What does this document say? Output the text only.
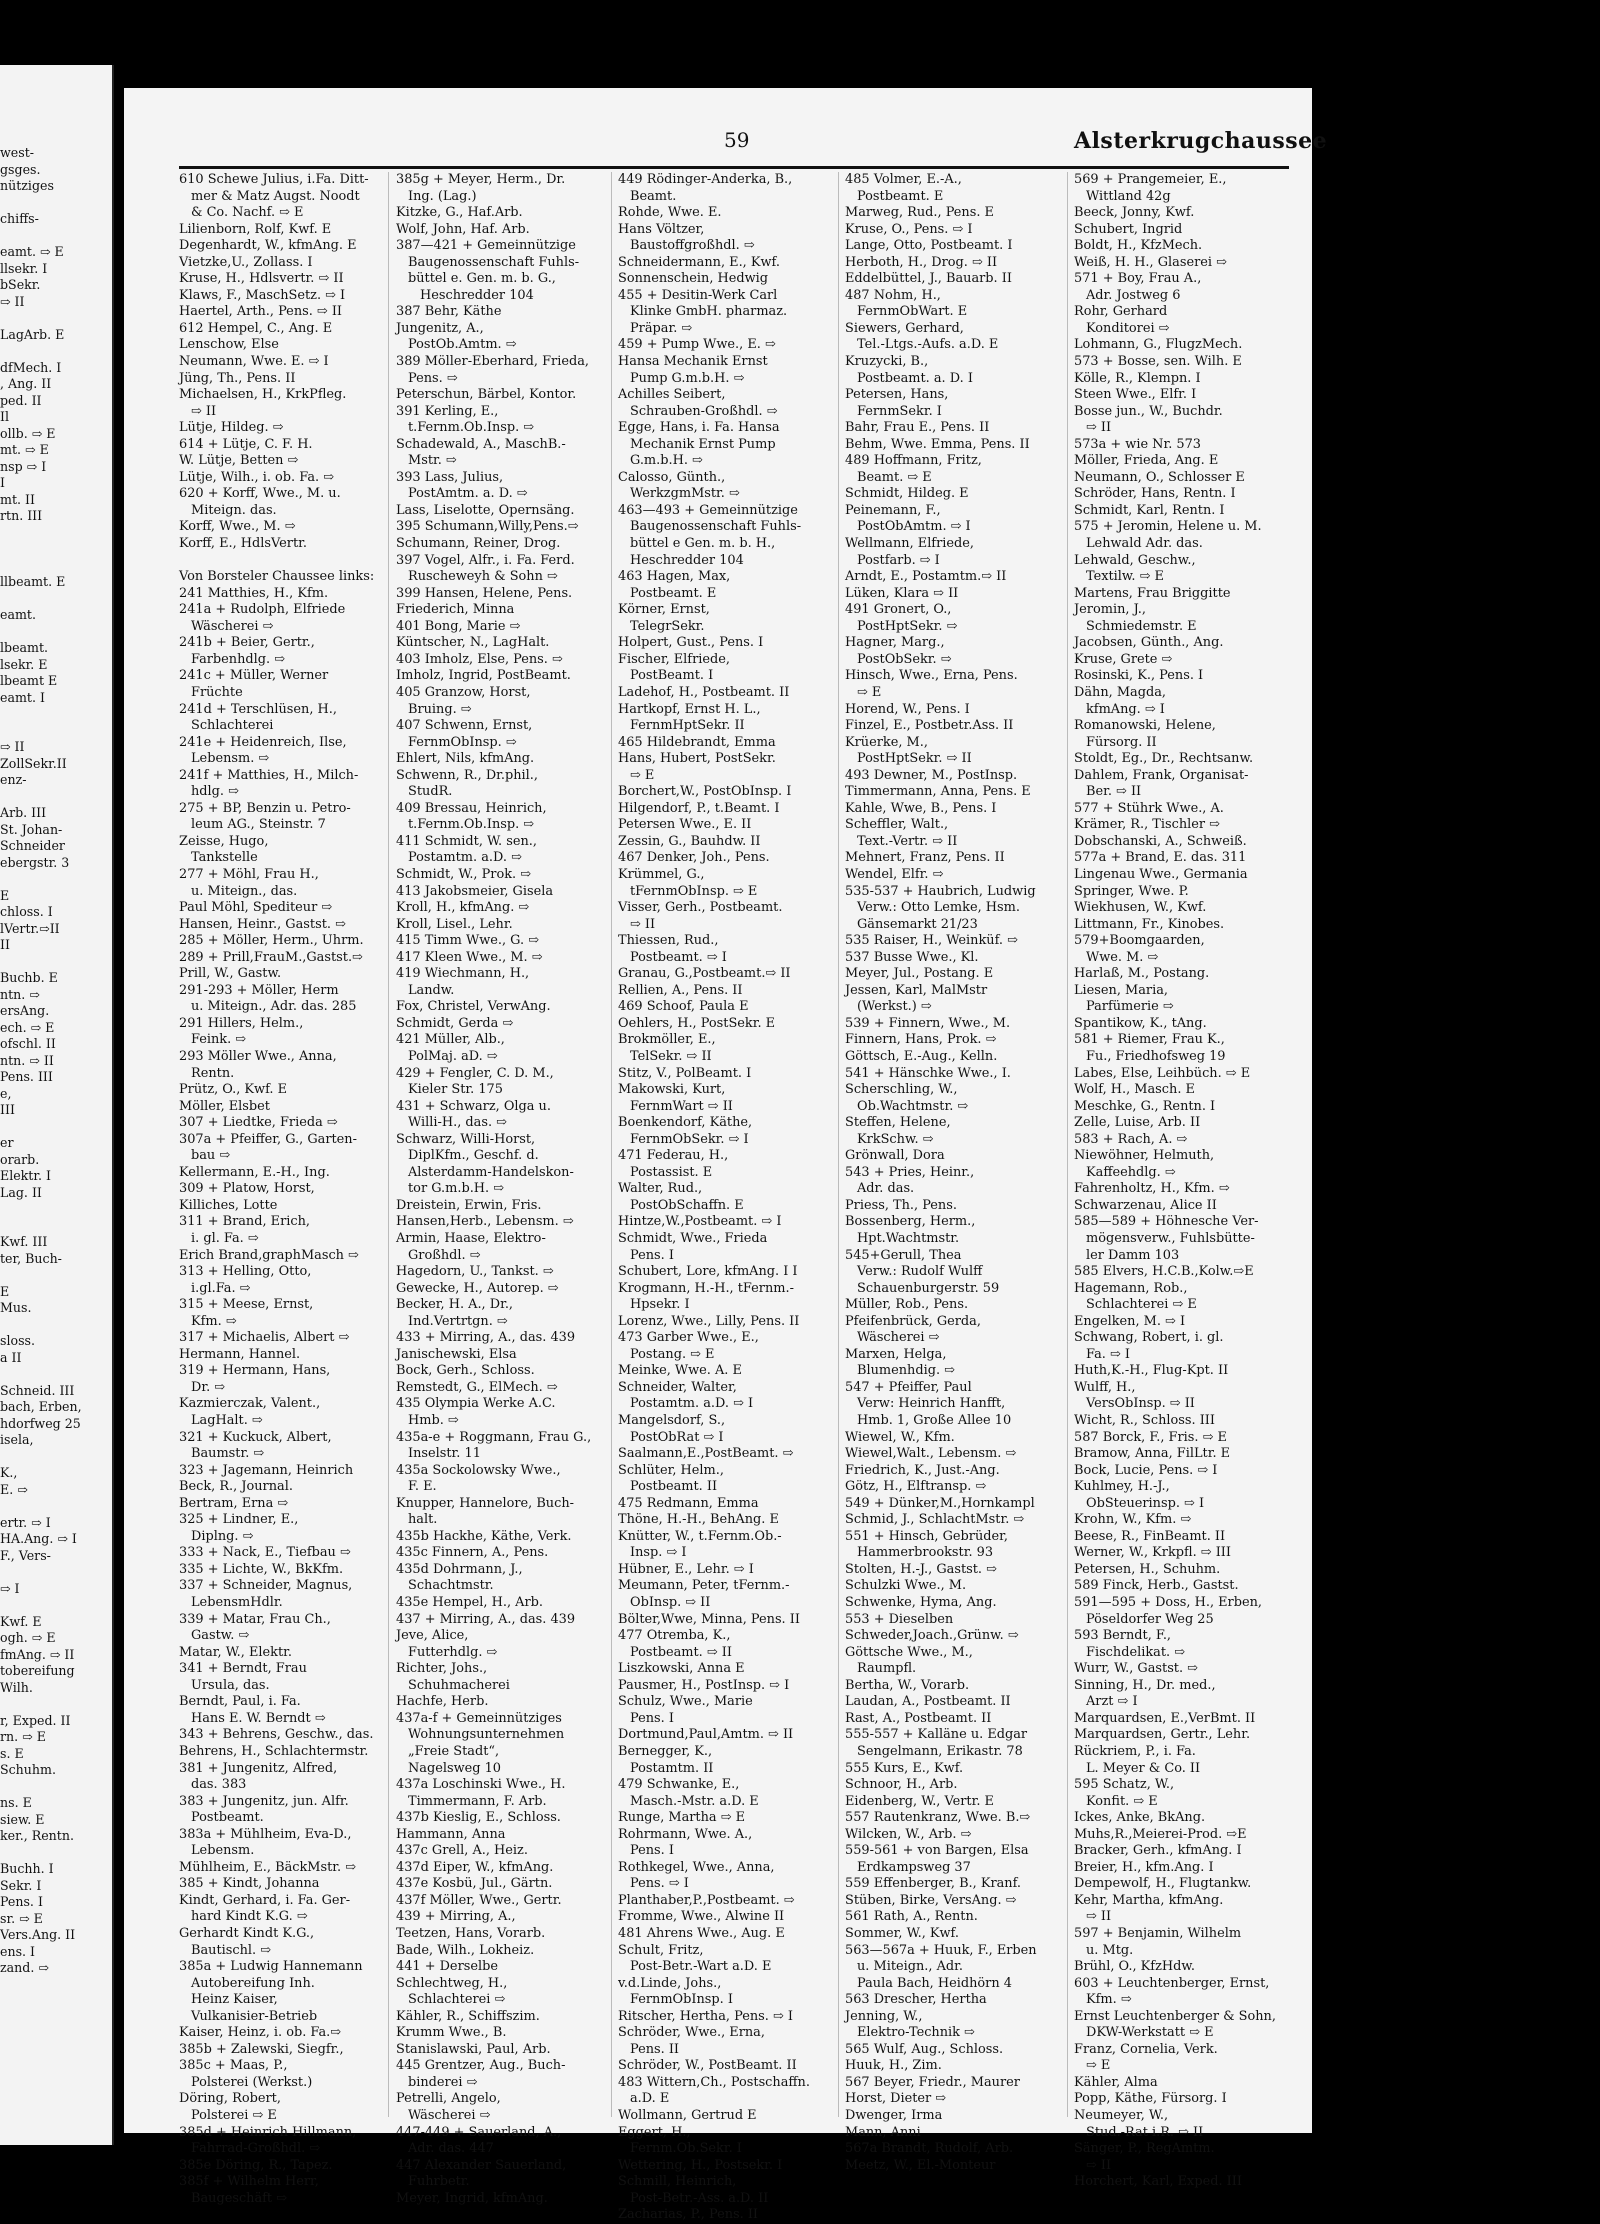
west-
gsges.
nütziges

chiffs-

eamt. ⇨ E
llsekr. I
bSekr.
⇨ II

LagArb. E

dfMech. I
, Ang. II
ped. II
Il
ollb. ⇨ E
mt. ⇨ E
nsp ⇨ I
I
mt. II
rtn. III

llbeamt. E

eamt.

lbeamt.
lsekr. E
lbeamt E
eamt. I

⇨ II
ZollSekr.II
enz-

Arb. III
St. Johan-
Schneider
ebergstr. 3

E
chloss. I
lVertr.⇨II
II

Buchb. E
ntn. ⇨
ersAng.
ech. ⇨ E
ofschl. II
ntn. ⇨ II
Pens. III
e,
III

er
orarb.
Elektr. I
Lag. II

Kwf. III
ter, Buch-

E
Mus.

sloss.
a II

Schneid. III
bach, Erben,
hdorfweg 25
isela,

K.,
E. ⇨

ertr. ⇨ I
HA.Ang. ⇨ I
F., Vers-

⇨ I

Kwf. E
ogh. ⇨ E
fmAng. ⇨ II
tobereifung
Wilh.

r, Exped. II
rn. ⇨ E
s. E
Schuhm.

ns. E
siew. E
ker., Rentn.

Buchh. I
Sekr. I
Pens. I
sr. ⇨ E
Vers.Ang. II
ens. I
zand. ⇨
59	Alsterkrugchaussee
610 Schewe Julius, i.Fa. Ditt-
mer & Matz Augst. Noodt
& Co. Nachf. ⇨ E
Lilienborn, Rolf, Kwf. E
Degenhardt, W., kfmAng. E
Vietzke,U., Zollass. I
Kruse, H., Hdlsvertr. ⇨ II
Klaws, F., MaschSetz. ⇨ I
Haertel, Arth., Pens. ⇨ II
612 Hempel, C., Ang. E
Lenschow, Else
Neumann, Wwe. E. ⇨ I
Jüng, Th., Pens. II
Michaelsen, H., KrkPfleg.
⇨ II
Lütje, Hildeg. ⇨
614 + Lütje, C. F. H.
W. Lütje, Betten ⇨
Lütje, Wilh., i. ob. Fa. ⇨
620 + Korff, Wwe., M. u.
Miteign. das.
Korff, Wwe., M. ⇨
Korff, E., HdlsVertr.

Von Borsteler Chaussee links:
241 Matthies, H., Kfm.
241a + Rudolph, Elfriede
Wäscherei ⇨
241b + Beier, Gertr.,
Farbenhdlg. ⇨
241c + Müller, Werner
Früchte
241d + Terschlüsen, H.,
Schlachterei
241e + Heidenreich, Ilse,
Lebensm. ⇨
241f + Matthies, H., Milch-
hdlg. ⇨
275 + BP, Benzin u. Petro-
leum AG., Steinstr. 7
Zeisse, Hugo,
Tankstelle
277 + Möhl, Frau H.,
u. Miteign., das.
Paul Möhl, Spediteur ⇨
Hansen, Heinr., Gastst. ⇨
285 + Möller, Herm., Uhrm.
289 + Prill,FrauM.,Gastst.⇨
Prill, W., Gastw.
291-293 + Möller, Herm
u. Miteign., Adr. das. 285
291 Hillers, Helm.,
Feink. ⇨
293 Möller Wwe., Anna,
Rentn.
Prütz, O., Kwf. E
Möller, Elsbet
307 + Liedtke, Frieda ⇨
307a + Pfeiffer, G., Garten-
bau ⇨
Kellermann, E.-H., Ing.
309 + Platow, Horst,
Killiches, Lotte
311 + Brand, Erich,
i. gl. Fa. ⇨
Erich Brand,graphMasch ⇨
313 + Helling, Otto,
i.gl.Fa. ⇨
315 + Meese, Ernst,
Kfm. ⇨
317 + Michaelis, Albert ⇨
Hermann, Hannel.
319 + Hermann, Hans,
Dr. ⇨
Kazmierczak, Valent.,
LagHalt. ⇨
321 + Kuckuck, Albert,
Baumstr. ⇨
323 + Jagemann, Heinrich
Beck, R., Journal.
Bertram, Erna ⇨
325 + Lindner, E.,
Diplng. ⇨
333 + Nack, E., Tiefbau ⇨
335 + Lichte, W., BkKfm.
337 + Schneider, Magnus,
LebensmHdlr.
339 + Matar, Frau Ch.,
Gastw. ⇨
Matar, W., Elektr.
341 + Berndt, Frau
Ursula, das.
Berndt, Paul, i. Fa.
Hans E. W. Berndt ⇨
343 + Behrens, Geschw., das.
Behrens, H., Schlachtermstr.
381 + Jungenitz, Alfred,
das. 383
383 + Jungenitz, jun. Alfr.
Postbeamt.
383a + Mühlheim, Eva-D.,
Lebensm.
Mühlheim, E., BäckMstr. ⇨
385 + Kindt, Johanna
Kindt, Gerhard, i. Fa. Ger-
hard Kindt K.G. ⇨
Gerhardt Kindt K.G.,
Bautischl. ⇨
385a + Ludwig Hannemann
Autobereifung Inh.
Heinz Kaiser,
Vulkanisier-Betrieb
Kaiser, Heinz, i. ob. Fa.⇨
385b + Zalewski, Siegfr.,
385c + Maas, P.,
Polsterei (Werkst.)
Döring, Robert,
Polsterei ⇨ E
385d + Heinrich Hillmann,
Fahrrad-Großhdl. ⇨
385e Döring, R., Tapez.
385f + Wilhelm Herr,
Baugeschäft ⇨
385g + Meyer, Herm., Dr.
Ing. (Lag.)
Kitzke, G., Haf.Arb.
Wolf, John, Haf. Arb.
387—421 + Gemeinnützige
Baugenossenschaft Fuhls-
büttel e. Gen. m. b. G.,
Heschredder 104
387 Behr, Käthe
Jungenitz, A.,
PostOb.Amtm. ⇨
389 Möller-Eberhard, Frieda,
Pens. ⇨
Peterschun, Bärbel, Kontor.
391 Kerling, E.,
t.Fernm.Ob.Insp. ⇨
Schadewald, A., MaschB.-
Mstr. ⇨
393 Lass, Julius,
PostAmtm. a. D. ⇨
Lass, Liselotte, Opernsäng.
395 Schumann,Willy,Pens.⇨
Schumann, Reiner, Drog.
397 Vogel, Alfr., i. Fa. Ferd.
Ruscheweyh & Sohn ⇨
399 Hansen, Helene, Pens.
Friederich, Minna
401 Bong, Marie ⇨
Küntscher, N., LagHalt.
403 Imholz, Else, Pens. ⇨
Imholz, Ingrid, PostBeamt.
405 Granzow, Horst,
Bruing. ⇨
407 Schwenn, Ernst,
FernmObInsp. ⇨
Ehlert, Nils, kfmAng.
Schwenn, R., Dr.phil.,
StudR.
409 Bressau, Heinrich,
t.Fernm.Ob.Insp. ⇨
411 Schmidt, W. sen.,
Postamtm. a.D. ⇨
Schmidt, W., Prok. ⇨
413 Jakobsmeier, Gisela
Kroll, H., kfmAng. ⇨
Kroll, Lisel., Lehr.
415 Timm Wwe., G. ⇨
417 Kleen Wwe., M. ⇨
419 Wiechmann, H.,
Landw.
Fox, Christel, VerwAng.
Schmidt, Gerda ⇨
421 Müller, Alb.,
PolMaj. aD. ⇨
429 + Fengler, C. D. M.,
Kieler Str. 175
431 + Schwarz, Olga u.
Willi-H., das. ⇨
Schwarz, Willi-Horst,
DiplKfm., Geschf. d.
Alsterdamm-Handelskon-
tor G.m.b.H. ⇨
Dreistein, Erwin, Fris.
Hansen,Herb., Lebensm. ⇨
Armin, Haase, Elektro-
Großhdl. ⇨
Hagedorn, U., Tankst. ⇨
Gewecke, H., Autorep. ⇨
Becker, H. A., Dr.,
Ind.Vertrtgn. ⇨
433 + Mirring, A., das. 439
Janischewski, Elsa
Bock, Gerh., Schloss.
Remstedt, G., ElMech. ⇨
435 Olympia Werke A.C.
Hmb. ⇨
435a-e + Roggmann, Frau G.,
Inselstr. 11
435a Sockolowsky Wwe.,
F. E.
Knupper, Hannelore, Buch-
halt.
435b Hackhe, Käthe, Verk.
435c Finnern, A., Pens.
435d Dohrmann, J.,
Schachtmstr.
435e Hempel, H., Arb.
437 + Mirring, A., das. 439
Jeve, Alice,
Futterhdlg. ⇨
Richter, Johs.,
Schuhmacherei
Hachfe, Herb.
437a-f + Gemeinnütziges
Wohnungsunternehmen
„Freie Stadt“,
Nagelsweg 10
437a Loschinski Wwe., H.
Timmermann, F. Arb.
437b Kieslig, E., Schloss.
Hammann, Anna
437c Grell, A., Heiz.
437d Eiper, W., kfmAng.
437e Kosbü, Jul., Gärtn.
437f Möller, Wwe., Gertr.
439 + Mirring, A.,
Teetzen, Hans, Vorarb.
Bade, Wilh., Lokheiz.
441 + Derselbe
Schlechtweg, H.,
Schlachterei ⇨
Kähler, R., Schiffszim.
Krumm Wwe., B.
Stanislawski, Paul, Arb.
445 Grentzer, Aug., Buch-
binderei ⇨
Petrelli, Angelo,
Wäscherei ⇨
447-449 + Sauerland, A.,
Adr. das. 447
447 Alexander Sauerland,
Fuhrbetr.
Meyer, Ingrid, kfmAng.
449 Rödinger-Anderka, B.,
Beamt.
Rohde, Wwe. E.
Hans Völtzer,
Baustoffgroßhdl. ⇨
Schneidermann, E., Kwf.
Sonnenschein, Hedwig
455 + Desitin-Werk Carl
Klinke GmbH. pharmaz.
Präpar. ⇨
459 + Pump Wwe., E. ⇨
Hansa Mechanik Ernst
Pump G.m.b.H. ⇨
Achilles Seibert,
Schrauben-Großhdl. ⇨
Egge, Hans, i. Fa. Hansa
Mechanik Ernst Pump
G.m.b.H. ⇨
Calosso, Günth.,
WerkzgmMstr. ⇨
463—493 + Gemeinnützige
Baugenossenschaft Fuhls-
büttel e Gen. m. b. H.,
Heschredder 104
463 Hagen, Max,
Postbeamt. E
Körner, Ernst,
TelegrSekr.
Holpert, Gust., Pens. I
Fischer, Elfriede,
PostBeamt. I
Ladehof, H., Postbeamt. II
Hartkopf, Ernst H. L.,
FernmHptSekr. II
465 Hildebrandt, Emma
Hans, Hubert, PostSekr.
⇨ E
Borchert,W., PostObInsp. I
Hilgendorf, P., t.Beamt. I
Petersen Wwe., E. II
Zessin, G., Bauhdw. II
467 Denker, Joh., Pens.
Krümmel, G.,
tFernmObInsp. ⇨ E
Visser, Gerh., Postbeamt.
⇨ II
Thiessen, Rud.,
Postbeamt. ⇨ I
Granau, G.,Postbeamt.⇨ II
Rellien, A., Pens. II
469 Schoof, Paula E
Oehlers, H., PostSekr. E
Brokmöller, E.,
TelSekr. ⇨ II
Stitz, V., PolBeamt. I
Makowski, Kurt,
FernmWart ⇨ II
Boenkendorf, Käthe,
FernmObSekr. ⇨ I
471 Federau, H.,
Postassist. E
Walter, Rud.,
PostObSchaffn. E
Hintze,W.,Postbeamt. ⇨ I
Schmidt, Wwe., Frieda
Pens. I
Schubert, Lore, kfmAng. I I
Krogmann, H.-H., tFernm.-
Hpsekr. I
Lorenz, Wwe., Lilly, Pens. II
473 Garber Wwe., E.,
Postang. ⇨ E
Meinke, Wwe. A. E
Schneider, Walter,
Postamtm. a.D. ⇨ I
Mangelsdorf, S.,
PostObRat ⇨ I
Saalmann,E.,PostBeamt. ⇨
Schlüter, Helm.,
Postbeamt. II
475 Redmann, Emma
Thöne, H.-H., BehAng. E
Knütter, W., t.Fernm.Ob.-
Insp. ⇨ I
Hübner, E., Lehr. ⇨ I
Meumann, Peter, tFernm.-
ObInsp. ⇨ II
Bölter,Wwe, Minna, Pens. II
477 Otremba, K.,
Postbeamt. ⇨ II
Liszkowski, Anna E
Pausmer, H., PostInsp. ⇨ I
Schulz, Wwe., Marie
Pens. I
Dortmund,Paul,Amtm. ⇨ II
Bernegger, K.,
Postamtm. II
479 Schwanke, E.,
Masch.-Mstr. a.D. E
Runge, Martha ⇨ E
Rohrmann, Wwe. A.,
Pens. I
Rothkegel, Wwe., Anna,
Pens. ⇨ I
Planthaber,P.,Postbeamt. ⇨
Fromme, Wwe., Alwine II
481 Ahrens Wwe., Aug. E
Schult, Fritz,
Post-Betr.-Wart a.D. E
v.d.Linde, Johs.,
FernmObInsp. I
Ritscher, Hertha, Pens. ⇨ I
Schröder, Wwe., Erna,
Pens. II
Schröder, W., PostBeamt. II
483 Wittern,Ch., Postschaffn.
a.D. E
Wollmann, Gertrud E
Eggert, H.,
Fernm.Ob.Sekr. I
Wettering, H., Postsekr. I
Schmill, Heinrich,
Post-Betr.-Ass. a.D. II
Zacharias, P., Pens. II
485 Volmer, E.-A.,
Postbeamt. E
Marweg, Rud., Pens. E
Kruse, O., Pens. ⇨ I
Lange, Otto, Postbeamt. I
Herboth, H., Drog. ⇨ II
Eddelbüttel, J., Bauarb. II
487 Nohm, H.,
FernmObWart. E
Siewers, Gerhard,
Tel.-Ltgs.-Aufs. a.D. E
Kruzycki, B.,
Postbeamt. a. D. I
Petersen, Hans,
FernmSekr. I
Bahr, Frau E., Pens. II
Behm, Wwe. Emma, Pens. II
489 Hoffmann, Fritz,
Beamt. ⇨ E
Schmidt, Hildeg. E
Peinemann, F.,
PostObAmtm. ⇨ I
Wellmann, Elfriede,
Postfarb. ⇨ I
Arndt, E., Postamtm.⇨ II
Lüken, Klara ⇨ II
491 Gronert, O.,
PostHptSekr. ⇨
Hagner, Marg.,
PostObSekr. ⇨
Hinsch, Wwe., Erna, Pens.
⇨ E
Horend, W., Pens. I
Finzel, E., Postbetr.Ass. II
Krüerke, M.,
PostHptSekr. ⇨ II
493 Dewner, M., PostInsp.
Timmermann, Anna, Pens. E
Kahle, Wwe, B., Pens. I
Scheffler, Walt.,
Text.-Vertr. ⇨ II
Mehnert, Franz, Pens. II
Wendel, Elfr. ⇨
535-537 + Haubrich, Ludwig
Verw.: Otto Lemke, Hsm.
Gänsemarkt 21/23
535 Raiser, H., Weinküf. ⇨
537 Busse Wwe., Kl.
Meyer, Jul., Postang. E
Jessen, Karl, MalMstr
(Werkst.) ⇨
539 + Finnern, Wwe., M.
Finnern, Hans, Prok. ⇨
Göttsch, E.-Aug., Kelln.
541 + Hänschke Wwe., I.
Scherschling, W.,
Ob.Wachtmstr. ⇨
Steffen, Helene,
KrkSchw. ⇨
Grönwall, Dora
543 + Pries, Heinr.,
Adr. das.
Priess, Th., Pens.
Bossenberg, Herm.,
Hpt.Wachtmstr.
545+Gerull, Thea
Verw.: Rudolf Wulff
Schauenburgerstr. 59
Müller, Rob., Pens.
Pfeifenbrück, Gerda,
Wäscherei ⇨
Marxen, Helga,
Blumenhdig. ⇨
547 + Pfeiffer, Paul
Verw: Heinrich Hanfft,
Hmb. 1, Große Allee 10
Wiewel, W., Kfm.
Wiewel,Walt., Lebensm. ⇨
Friedrich, K., Just.-Ang.
Götz, H., Elftransp. ⇨
549 + Dünker,M.,Hornkampl
Schmid, J., SchlachtMstr. ⇨
551 + Hinsch, Gebrüder,
Hammerbrookstr. 93
Stolten, H.-J., Gastst. ⇨
Schulzki Wwe., M.
Schwenke, Hyma, Ang.
553 + Dieselben
Schweder,Joach.,Grünw. ⇨
Göttsche Wwe., M.,
Raumpfl.
Bertha, W., Vorarb.
Laudan, A., Postbeamt. II
Rast, A., Postbeamt. II
555-557 + Kalläne u. Edgar
Sengelmann, Erikastr. 78
555 Kurs, E., Kwf.
Schnoor, H., Arb.
Eidenberg, W., Vertr. E
557 Rautenkranz, Wwe. B.⇨
Wilcken, W., Arb. ⇨
559-561 + von Bargen, Elsa
Erdkampsweg 37
559 Effenberger, B., Kranf.
Stüben, Birke, VersAng. ⇨
561 Rath, A., Rentn.
Sommer, W., Kwf.
563—567a + Huuk, F., Erben
u. Miteign., Adr.
Paula Bach, Heidhörn 4
563 Drescher, Hertha
Jenning, W.,
Elektro-Technik ⇨
565 Wulf, Aug., Schloss.
Huuk, H., Zim.
567 Beyer, Friedr., Maurer
Horst, Dieter ⇨
Dwenger, Irma
Mann, Anni
567a Brandt, Rudolf, Arb.
Meetz, W., El.-Monteur
569 + Prangemeier, E.,
Wittland 42g
Beeck, Jonny, Kwf.
Schubert, Ingrid
Boldt, H., KfzMech.
Weiß, H. H., Glaserei ⇨
571 + Boy, Frau A.,
Adr. Jostweg 6
Rohr, Gerhard
Konditorei ⇨
Lohmann, G., FlugzMech.
573 + Bosse, sen. Wilh. E
Kölle, R., Klempn. I
Steen Wwe., Elfr. I
Bosse jun., W., Buchdr.
⇨ II
573a + wie Nr. 573
Möller, Frieda, Ang. E
Neumann, O., Schlosser E
Schröder, Hans, Rentn. I
Schmidt, Karl, Rentn. I
575 + Jeromin, Helene u. M.
Lehwald Adr. das.
Lehwald, Geschw.,
Textilw. ⇨ E
Martens, Frau Briggitte
Jeromin, J.,
Schmiedemstr. E
Jacobsen, Günth., Ang.
Kruse, Grete ⇨
Rosinski, K., Pens. I
Dähn, Magda,
kfmAng. ⇨ I
Romanowski, Helene,
Fürsorg. II
Stoldt, Eg., Dr., Rechtsanw.
Dahlem, Frank, Organisat-
Ber. ⇨ II
577 + Stührk Wwe., A.
Krämer, R., Tischler ⇨
Dobschanski, A., Schweiß.
577a + Brand, E. das. 311
Lingenau Wwe., Germania
Springer, Wwe. P.
Wiekhusen, W., Kwf.
Littmann, Fr., Kinobes.
579+Boomgaarden,
Wwe. M. ⇨
Harlaß, M., Postang.
Liesen, Maria,
Parfümerie ⇨
Spantikow, K., tAng.
581 + Riemer, Frau K.,
Fu., Friedhofsweg 19
Labes, Else, Leihbüch. ⇨ E
Wolf, H., Masch. E
Meschke, G., Rentn. I
Zelle, Luise, Arb. II
583 + Rach, A. ⇨
Niewöhner, Helmuth,
Kaffeehdlg. ⇨
Fahrenholtz, H., Kfm. ⇨
Schwarzenau, Alice II
585—589 + Höhnesche Ver-
mögensverw., Fuhlsbütte-
ler Damm 103
585 Elvers, H.C.B.,Kolw.⇨E
Hagemann, Rob.,
Schlachterei ⇨ E
Engelken, M. ⇨ I
Schwang, Robert, i. gl.
Fa. ⇨ I
Huth,K.-H., Flug-Kpt. II
Wulff, H.,
VersObInsp. ⇨ II
Wicht, R., Schloss. III
587 Borck, F., Fris. ⇨ E
Bramow, Anna, FilLtr. E
Bock, Lucie, Pens. ⇨ I
Kuhlmey, H.-J.,
ObSteuerinsp. ⇨ I
Krohn, W., Kfm. ⇨
Beese, R., FinBeamt. II
Werner, W., Krkpfl. ⇨ III
Petersen, H., Schuhm.
589 Finck, Herb., Gastst.
591—595 + Doss, H., Erben,
Pöseldorfer Weg 25
593 Berndt, F.,
Fischdelikat. ⇨
Wurr, W., Gastst. ⇨
Sinning, H., Dr. med.,
Arzt ⇨ I
Marquardsen, E.,VerBmt. II
Marquardsen, Gertr., Lehr.
Rückriem, P., i. Fa.
L. Meyer & Co. II
595 Schatz, W.,
Konfit. ⇨ E
Ickes, Anke, BkAng.
Muhs,R.,Meierei-Prod. ⇨E
Bracker, Gerh., kfmAng. I
Breier, H., kfm.Ang. I
Dempewolf, H., Flugtankw.
Kehr, Martha, kfmAng.
⇨ II
597 + Benjamin, Wilhelm
u. Mtg.
Brühl, O., KfzHdw.
603 + Leuchtenberger, Ernst,
Kfm. ⇨
Ernst Leuchtenberger & Sohn,
DKW-Werkstatt ⇨ E
Franz, Cornelia, Verk.
⇨ E
Kähler, Alma
Popp, Käthe, Fürsorg. I
Neumeyer, W.,
Stud.-Rat i.R. ⇨ II
Sänger, P., RegAmtm.
⇨ II
Horchert, Karl, Exped. III
